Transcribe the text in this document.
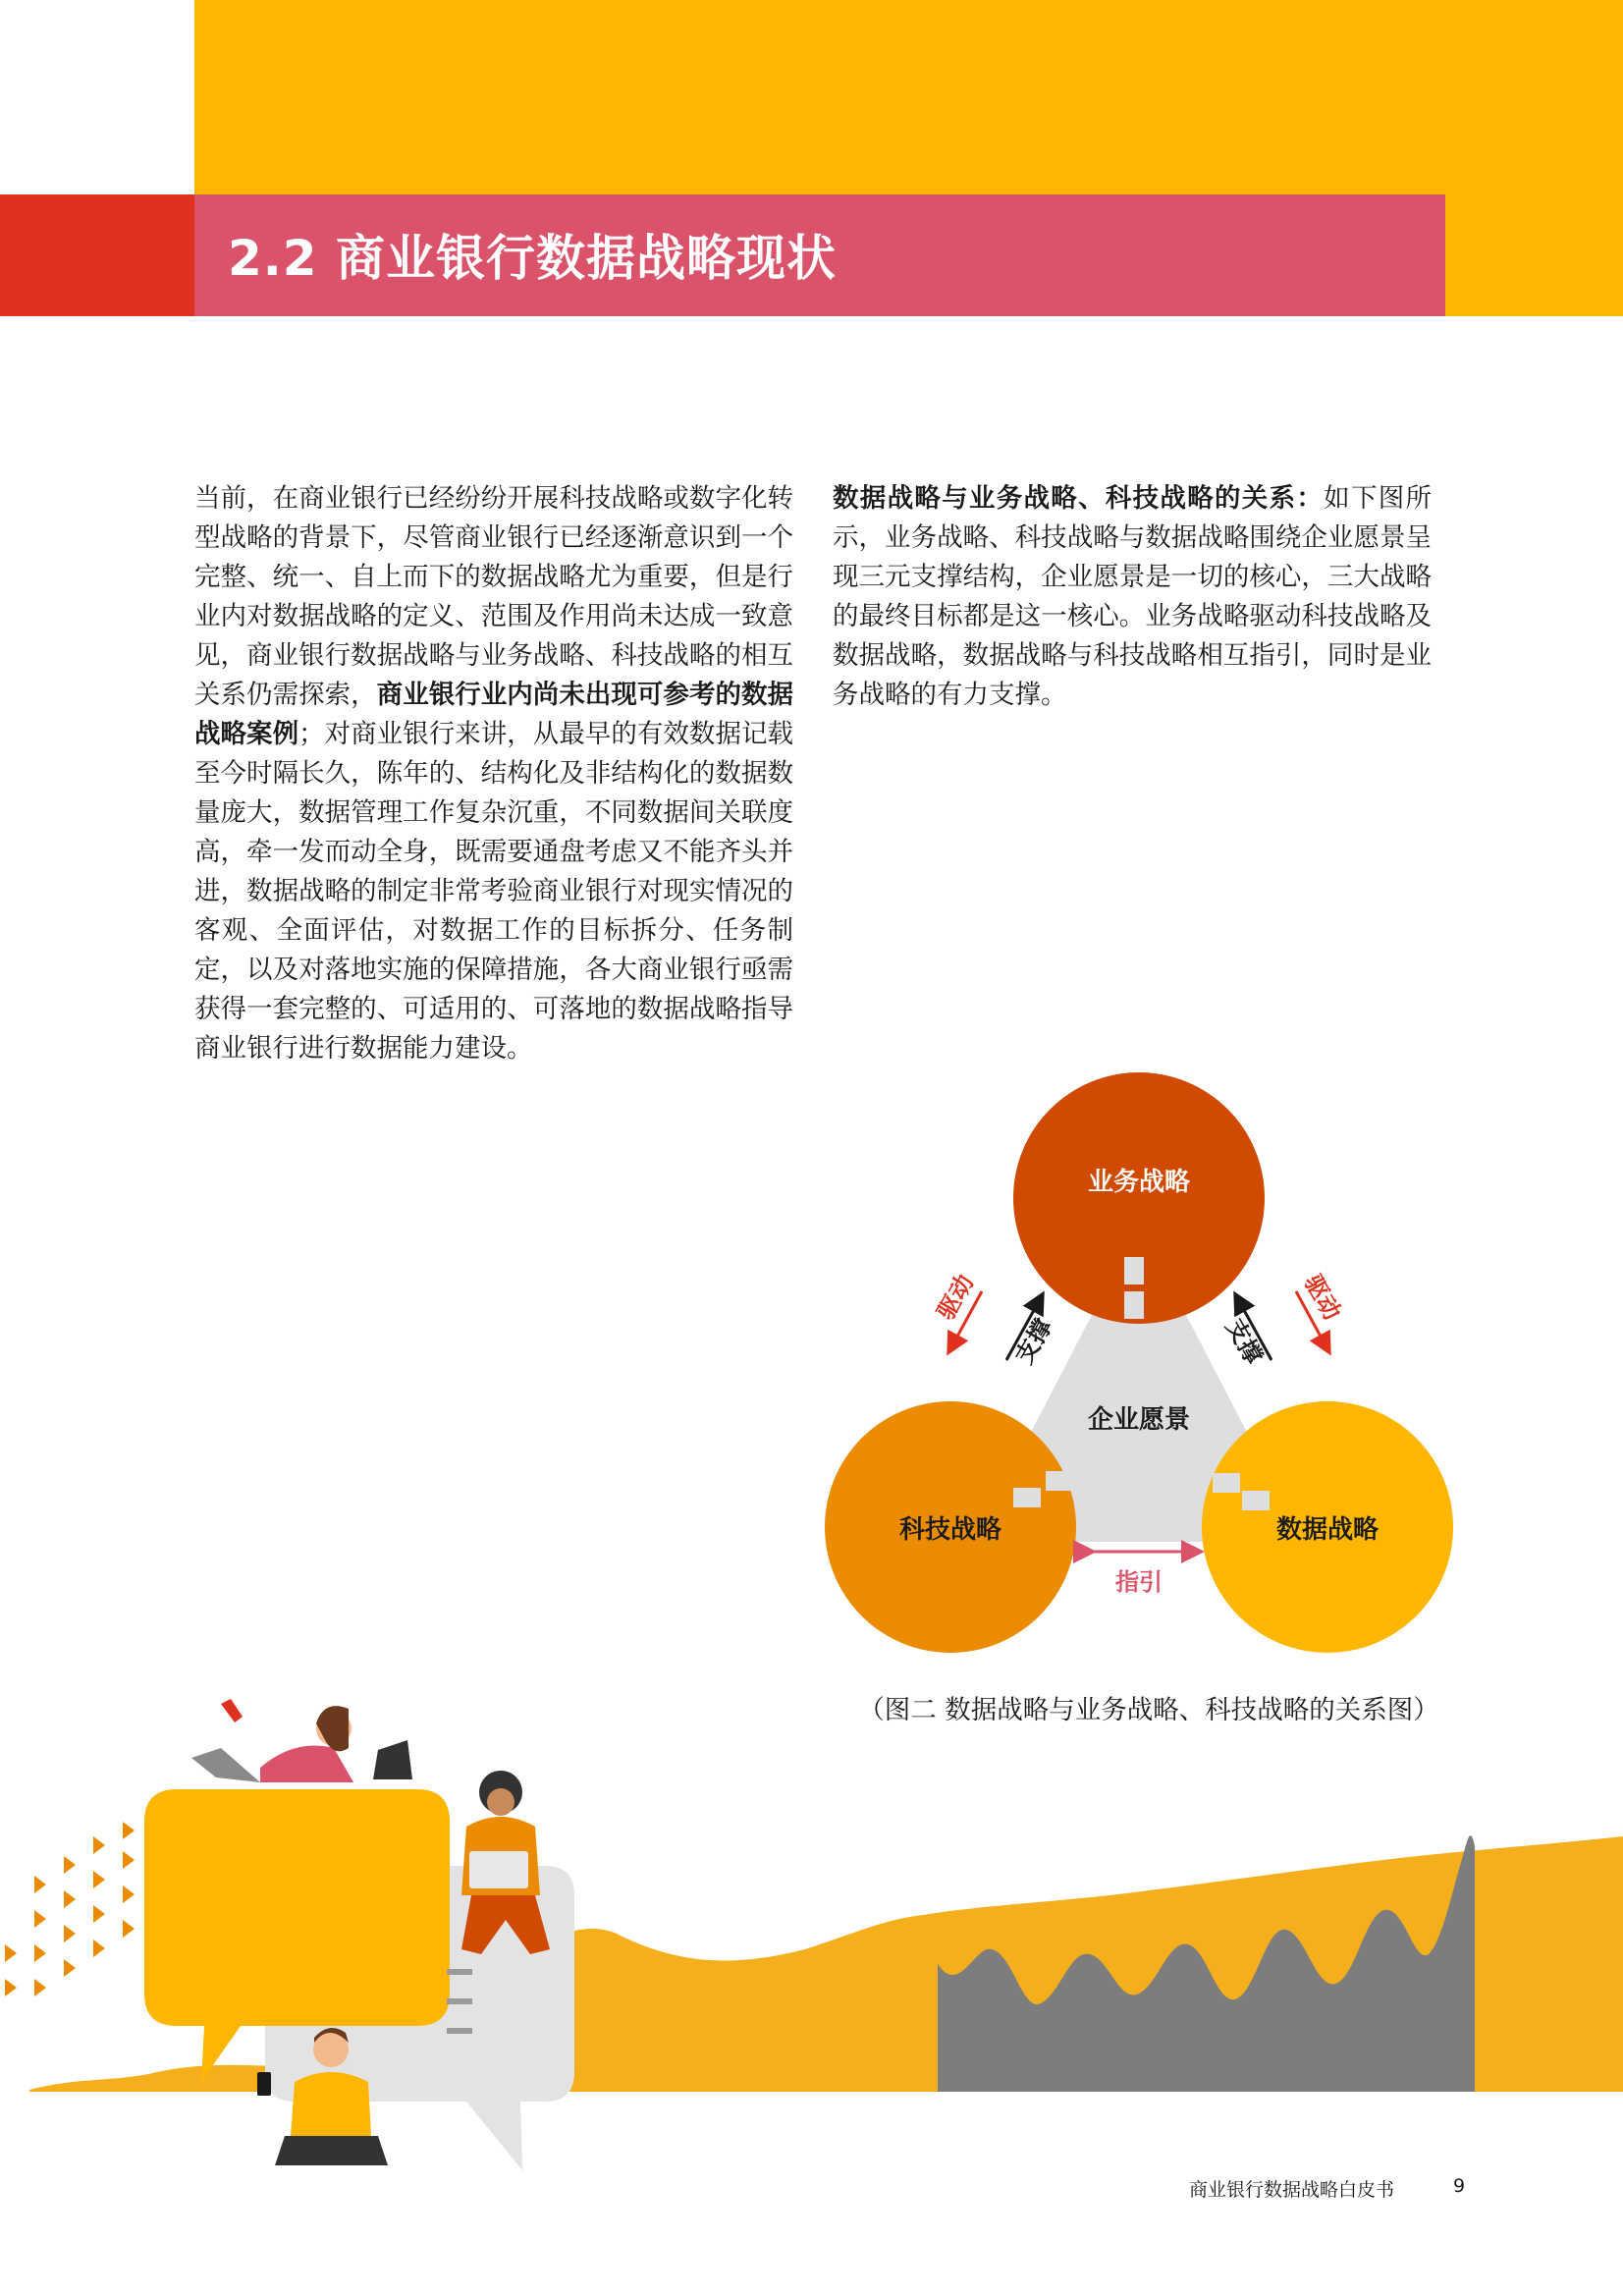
2.2 商业银行数据战略现状
当前，在商业银行已经纷纷开展科技战略或数字化转型战略的背景下，尽管商业银行已经逐渐意识到一个完整、统一、自上而下的数据战略尤为重要，但是行业内对数据战略的定义、范围及作用尚未达成一致意见，商业银行数据战略与业务战略、科技战略的相互关系仍需探索，商业银行业内尚未出现可参考的数据战略案例；对商业银行来讲，从最早的有效数据记载至今时隔长久，陈年的、结构化及非结构化的数据数量庞大，数据管理工作复杂沉重，不同数据间关联度高，牵一发而动全身，既需要通盘考虑又不能齐头并进，数据战略的制定非常考验商业银行对现实情况的客观、全面评估，对数据工作的目标拆分、任务制定，以及对落地实施的保障措施，各大商业银行亟需获得一套完整的、可适用的、可落地的数据战略指导商业银行进行数据能力建设。
数据战略与业务战略、科技战略的关系：如下图所示，业务战略、科技战略与数据战略围绕企业愿景呈现三元支撑结构，企业愿景是一切的核心，三大战略的最终目标都是这一核心。业务战略驱动科技战略及数据战略，数据战略与科技战略相互指引，同时是业务战略的有力支撑。
业务战略
企业愿景
科技战略	数据战略
驱动
支撑	支撑
驱动
指引
（图二 数据战略与业务战略、科技战略的关系图）
商业银行数据战略白皮书	9
